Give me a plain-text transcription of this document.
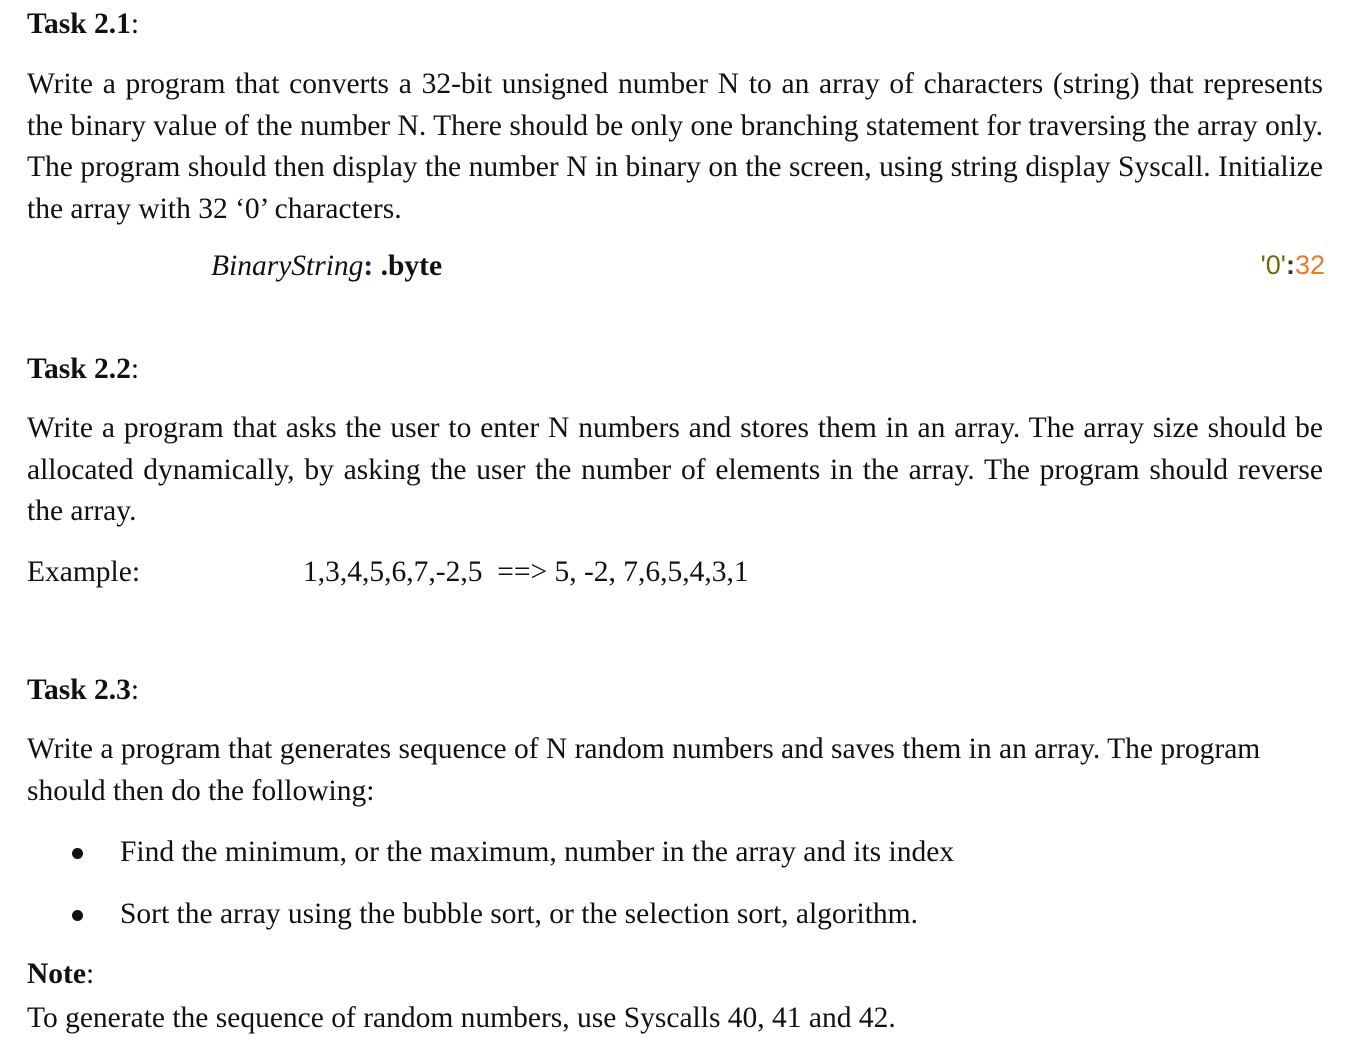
Task 2.1:

Write a program that converts a 32-bit unsigned number N to an array of characters (string) that represents the binary value of the number N. There should be only one branching statement for traversing the array only. The program should then display the number N in binary on the screen, using string display Syscall. Initialize the array with 32 ‘0’ characters.

BinaryString: .byte	'0':32
Task 2.2:

Write a program that asks the user to enter N numbers and stores them in an array. The array size should be allocated dynamically, by asking the user the number of elements in the array. The program should reverse the array.

Example:	1,3,4,5,6,7,-2,5  ==> 5, -2, 7,6,5,4,3,1
Task 2.3:

Write a program that generates sequence of N random numbers and saves them in an array. The program should then do the following:

Find the minimum, or the maximum, number in the array and its index
Sort the array using the bubble sort, or the selection sort, algorithm.
Note:
To generate the sequence of random numbers, use Syscalls 40, 41 and 42.
